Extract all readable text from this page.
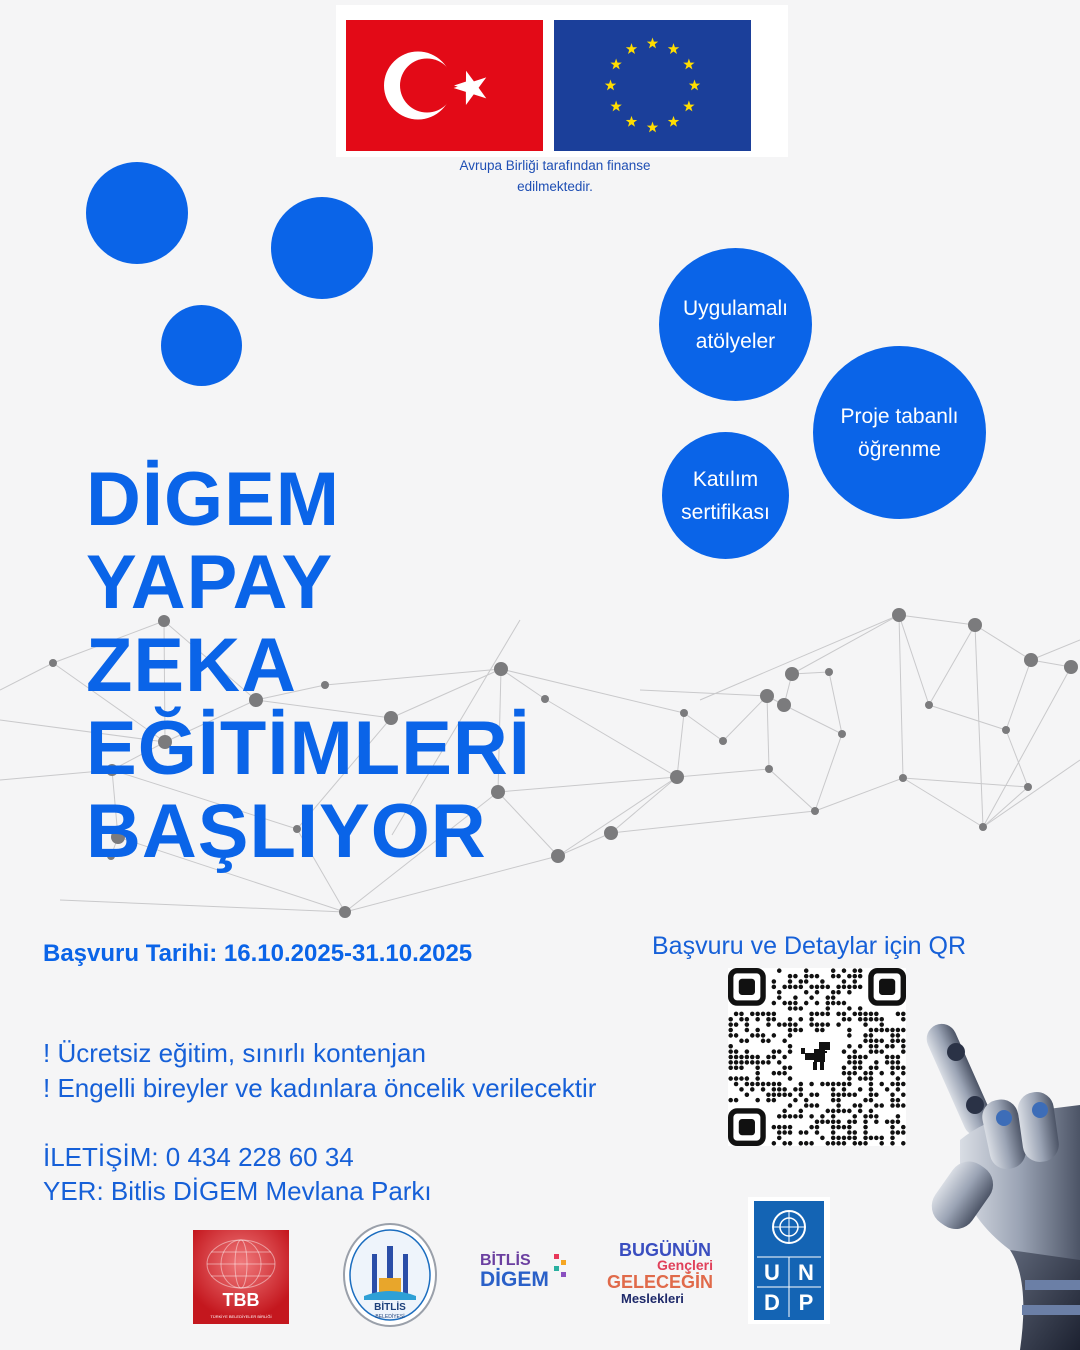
Avrupa Birliği tarafından finanse
edilmektedir.
Uygulamalı
atölyeler
Proje tabanlı
öğrenme
Katılım
sertifikası
DİGEM
YAPAY
ZEKA
EĞİTİMLERİ
BAŞLIYOR
Başvuru Tarihi: 16.10.2025-31.10.2025	Başvuru ve Detaylar için QR
! Ücretsiz eğitim, sınırlı kontenjan
! Engelli bireyler ve kadınlara öncelik verilecektir
İLETİŞİM: 0 434 228 60 34
YER: Bitlis DİGEM Mevlana Parkı
TBB
TÜRKİYE BELEDİYELER BİRLİĞİ
BİTLİS
BELEDİYESİ
BİTLİS
DİGEM
BUGÜNÜN
Gençleri
GELECEĞİN
Meslekleri
U N
D P
